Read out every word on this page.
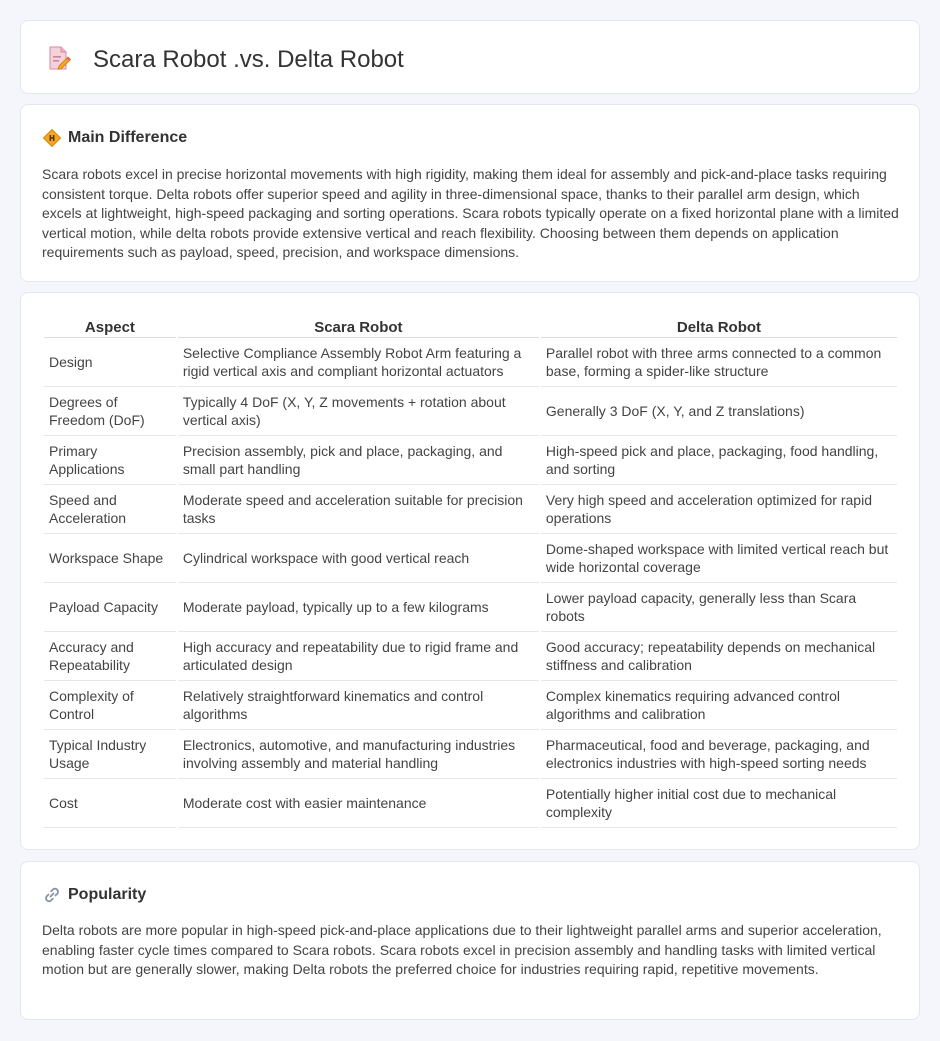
Scara Robot .vs. Delta Robot
Main Difference

Scara robots excel in precise horizontal movements with high rigidity, making them ideal for assembly and pick-and-place tasks requiring consistent torque. Delta robots offer superior speed and agility in three-dimensional space, thanks to their parallel arm design, which excels at lightweight, high-speed packaging and sorting operations. Scara robots typically operate on a fixed horizontal plane with a limited vertical motion, while delta robots provide extensive vertical and reach flexibility. Choosing between them depends on application requirements such as payload, speed, precision, and workspace dimensions.

Aspect	Scara Robot	Delta Robot
Design	Selective Compliance Assembly Robot Arm featuring a rigid vertical axis and compliant horizontal actuators	Parallel robot with three arms connected to a common base, forming a spider-like structure
Degrees of Freedom (DoF)	Typically 4 DoF (X, Y, Z movements + rotation about vertical axis)	Generally 3 DoF (X, Y, and Z translations)
Primary Applications	Precision assembly, pick and place, packaging, and small part handling	High-speed pick and place, packaging, food handling, and sorting
Speed and Acceleration	Moderate speed and acceleration suitable for precision tasks	Very high speed and acceleration optimized for rapid operations
Workspace Shape	Cylindrical workspace with good vertical reach	Dome-shaped workspace with limited vertical reach but wide horizontal coverage
Payload Capacity	Moderate payload, typically up to a few kilograms	Lower payload capacity, generally less than Scara robots
Accuracy and Repeatability	High accuracy and repeatability due to rigid frame and articulated design	Good accuracy; repeatability depends on mechanical stiffness and calibration
Complexity of Control	Relatively straightforward kinematics and control algorithms	Complex kinematics requiring advanced control algorithms and calibration
Typical Industry Usage	Electronics, automotive, and manufacturing industries involving assembly and material handling	Pharmaceutical, food and beverage, packaging, and electronics industries with high-speed sorting needs
Cost	Moderate cost with easier maintenance	Potentially higher initial cost due to mechanical complexity
Popularity

Delta robots are more popular in high-speed pick-and-place applications due to their lightweight parallel arms and superior acceleration, enabling faster cycle times compared to Scara robots. Scara robots excel in precision assembly and handling tasks with limited vertical motion but are generally slower, making Delta robots the preferred choice for industries requiring rapid, repetitive movements.
